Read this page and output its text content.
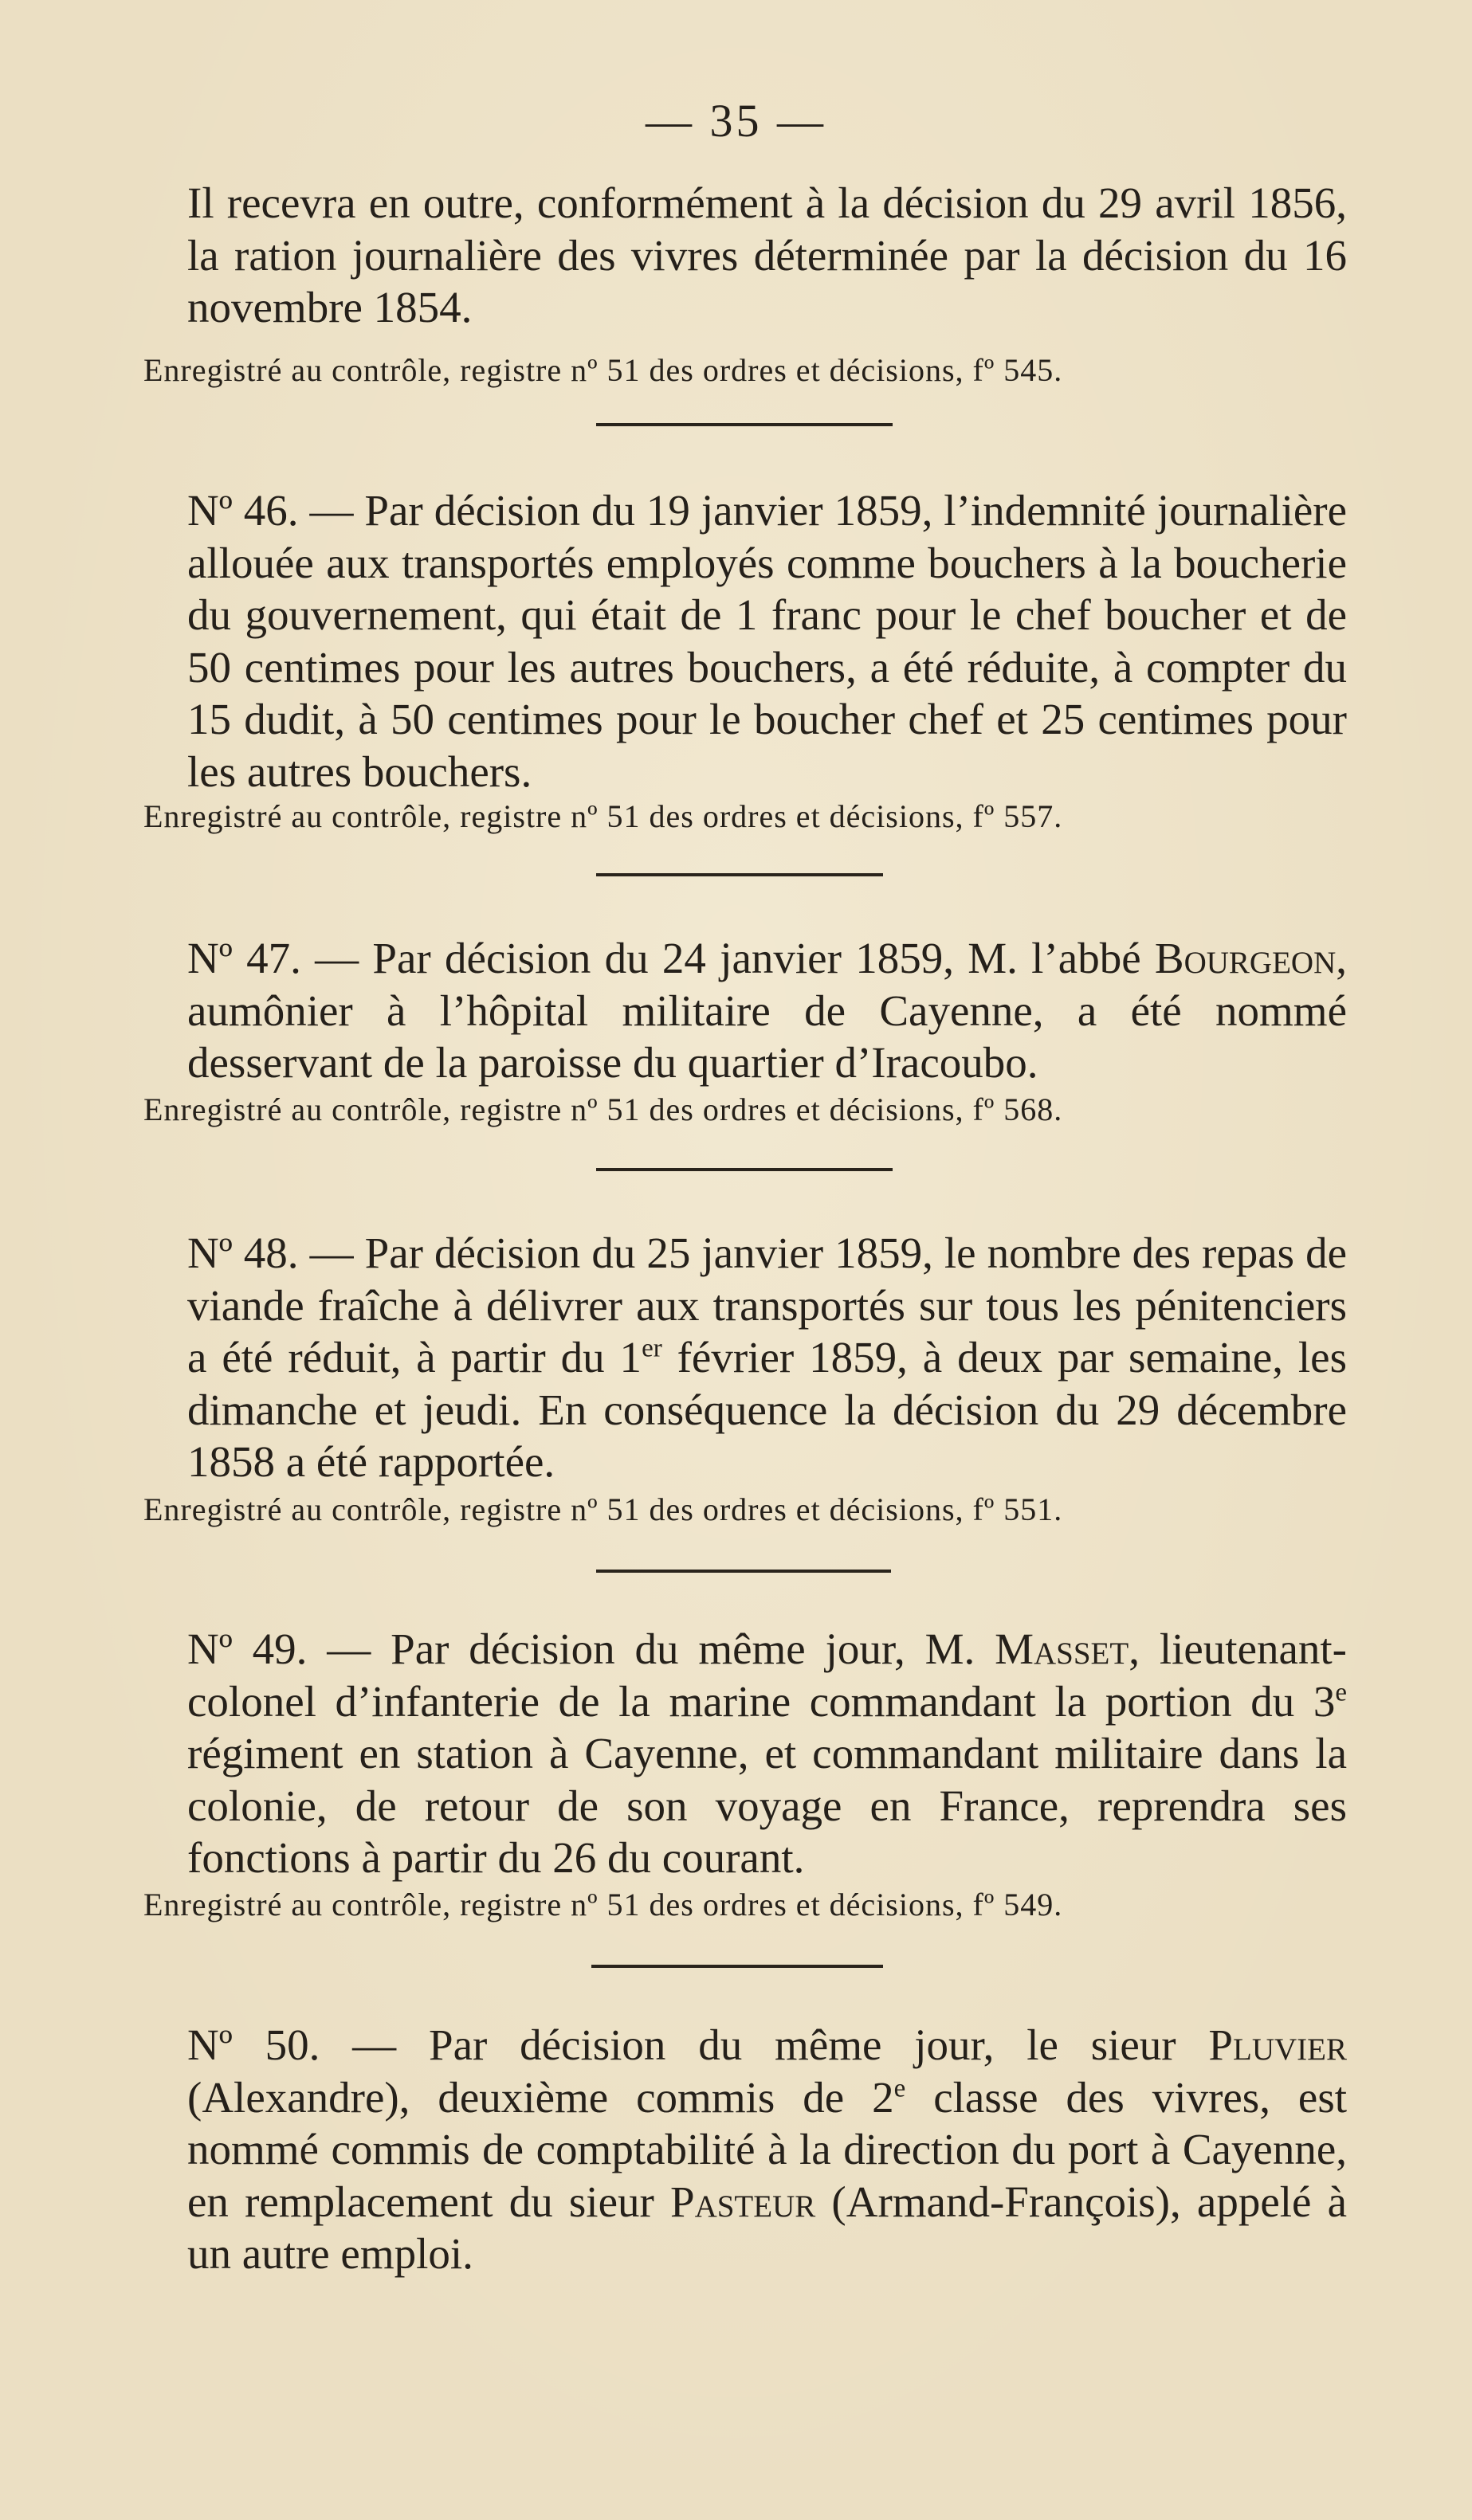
— 35 —

Il recevra en outre, conformément à la décision du 29 avril 1856, la ration journalière des vivres déterminée par la décision du 16 novembre 1854.

Enregistré au contrôle, registre nº 51 des ordres et décisions, fº 545.

Nº 46. — Par décision du 19 janvier 1859, l’indemnité journalière allouée aux transportés employés comme bouchers à la boucherie du gouvernement, qui était de 1 franc pour le chef boucher et de 50 centimes pour les autres bouchers, a été réduite, à compter du 15 dudit, à 50 centimes pour le boucher chef et 25 centimes pour les autres bouchers.

Enregistré au contrôle, registre nº 51 des ordres et décisions, fº 557.

Nº 47. — Par décision du 24 janvier 1859, M. l’abbé Bourgeon, aumônier à l’hôpital militaire de Cayenne, a été nommé desservant de la paroisse du quartier d’Iracoubo.

Enregistré au contrôle, registre nº 51 des ordres et décisions, fº 568.

Nº 48. — Par décision du 25 janvier 1859, le nombre des repas de viande fraîche à délivrer aux transportés sur tous les pénitenciers a été réduit, à partir du 1er février 1859, à deux par semaine, les dimanche et jeudi. En conséquence la décision du 29 décembre 1858 a été rapportée.

Enregistré au contrôle, registre nº 51 des ordres et décisions, fº 551.

Nº 49. — Par décision du même jour, M. Masset, lieutenant-colonel d’infanterie de la marine commandant la portion du 3e régiment en station à Cayenne, et commandant militaire dans la colonie, de retour de son voyage en France, reprendra ses fonctions à partir du 26 du courant.

Enregistré au contrôle, registre nº 51 des ordres et décisions, fº 549.

Nº 50. — Par décision du même jour, le sieur Pluvier (Alexandre), deuxième commis de 2e classe des vivres, est nommé commis de comptabilité à la direction du port à Cayenne, en remplacement du sieur Pasteur (Armand-François), appelé à un autre emploi.
